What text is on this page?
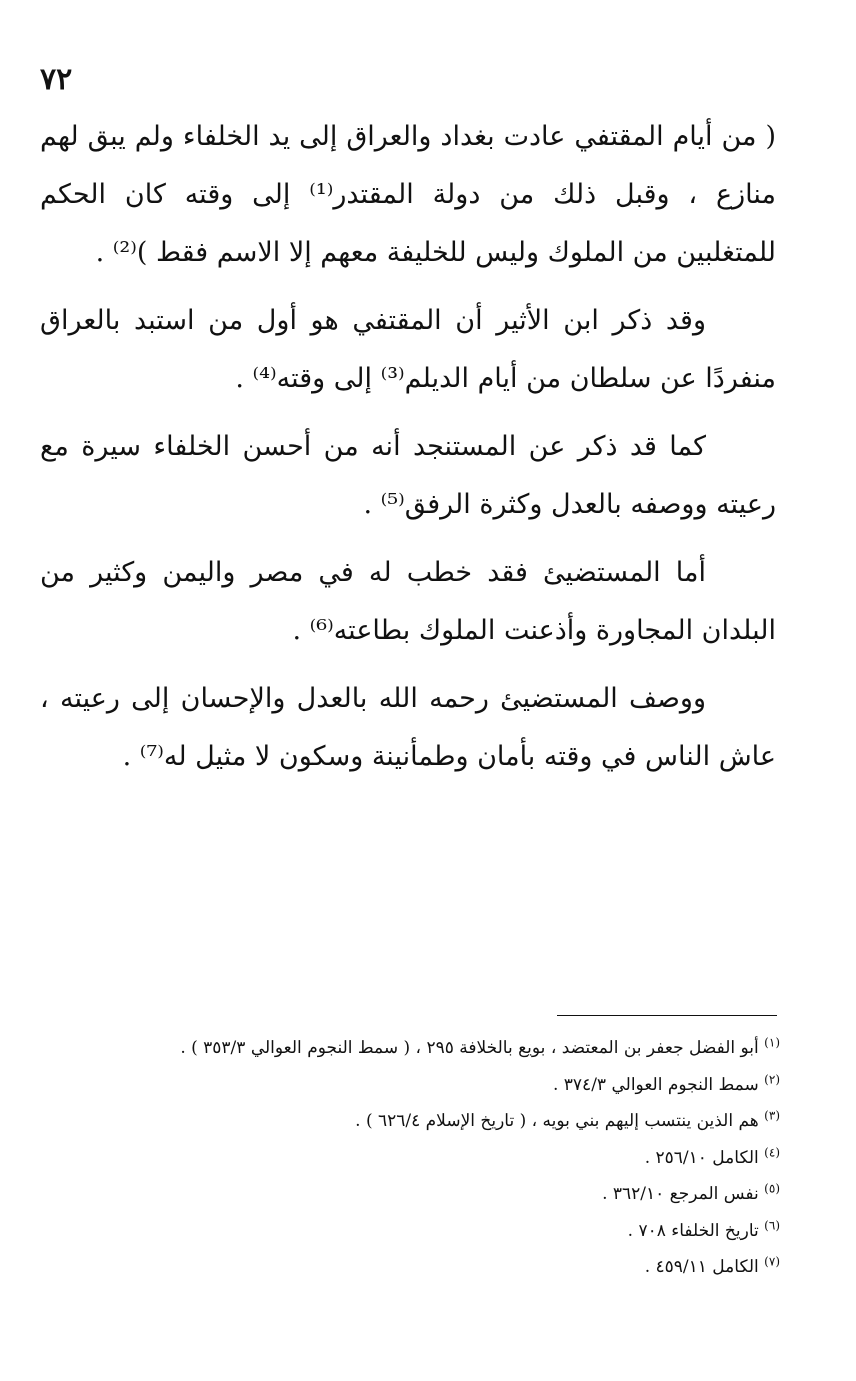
٧٢

( من أيام المقتفي عادت بغداد والعراق إلى يد الخلفاء ولم يبق لهم منازع ، وقبل ذلك من دولة المقتدر⁽¹⁾ إلى وقته كان الحكم للمتغلبين من الملوك وليس للخليفة معهم إلا الاسم فقط )⁽²⁾ .

وقد ذكر ابن الأثير أن المقتفي هو أول من استبد بالعراق منفردًا عن سلطان من أيام الديلم⁽³⁾ إلى وقته⁽⁴⁾ .

كما قد ذكر عن المستنجد أنه من أحسن الخلفاء سيرة مع رعيته ووصفه بالعدل وكثرة الرفق⁽⁵⁾ .

أما المستضيئ فقد خطب له في مصر واليمن وكثير من البلدان المجاورة وأذعنت الملوك بطاعته⁽⁶⁾ .

ووصف المستضيئ رحمه الله بالعدل والإحسان إلى رعيته ، عاش الناس في وقته بأمان وطمأنينة وسكون لا مثيل له⁽⁷⁾ .

$^{(١)}$ أبو الفضل جعفر بن المعتضد ، بويع بالخلافة ٢٩٥ ، ( سمط النجوم العوالي ٣٥٣/٣ ) .
$^{(٢)}$ سمط النجوم العوالي ٣٧٤/٣ .
$^{(٣)}$ هم الذين ينتسب إليهم بني بويه ، ( تاريخ الإسلام ٦٢٦/٤ ) .
$^{(٤)}$ الكامل ٢٥٦/١٠ .
$^{(٥)}$ نفس المرجع ٣٦٢/١٠ .
$^{(٦)}$ تاريخ الخلفاء ٧٠٨ .
$^{(٧)}$ الكامل ٤٥٩/١١ .
